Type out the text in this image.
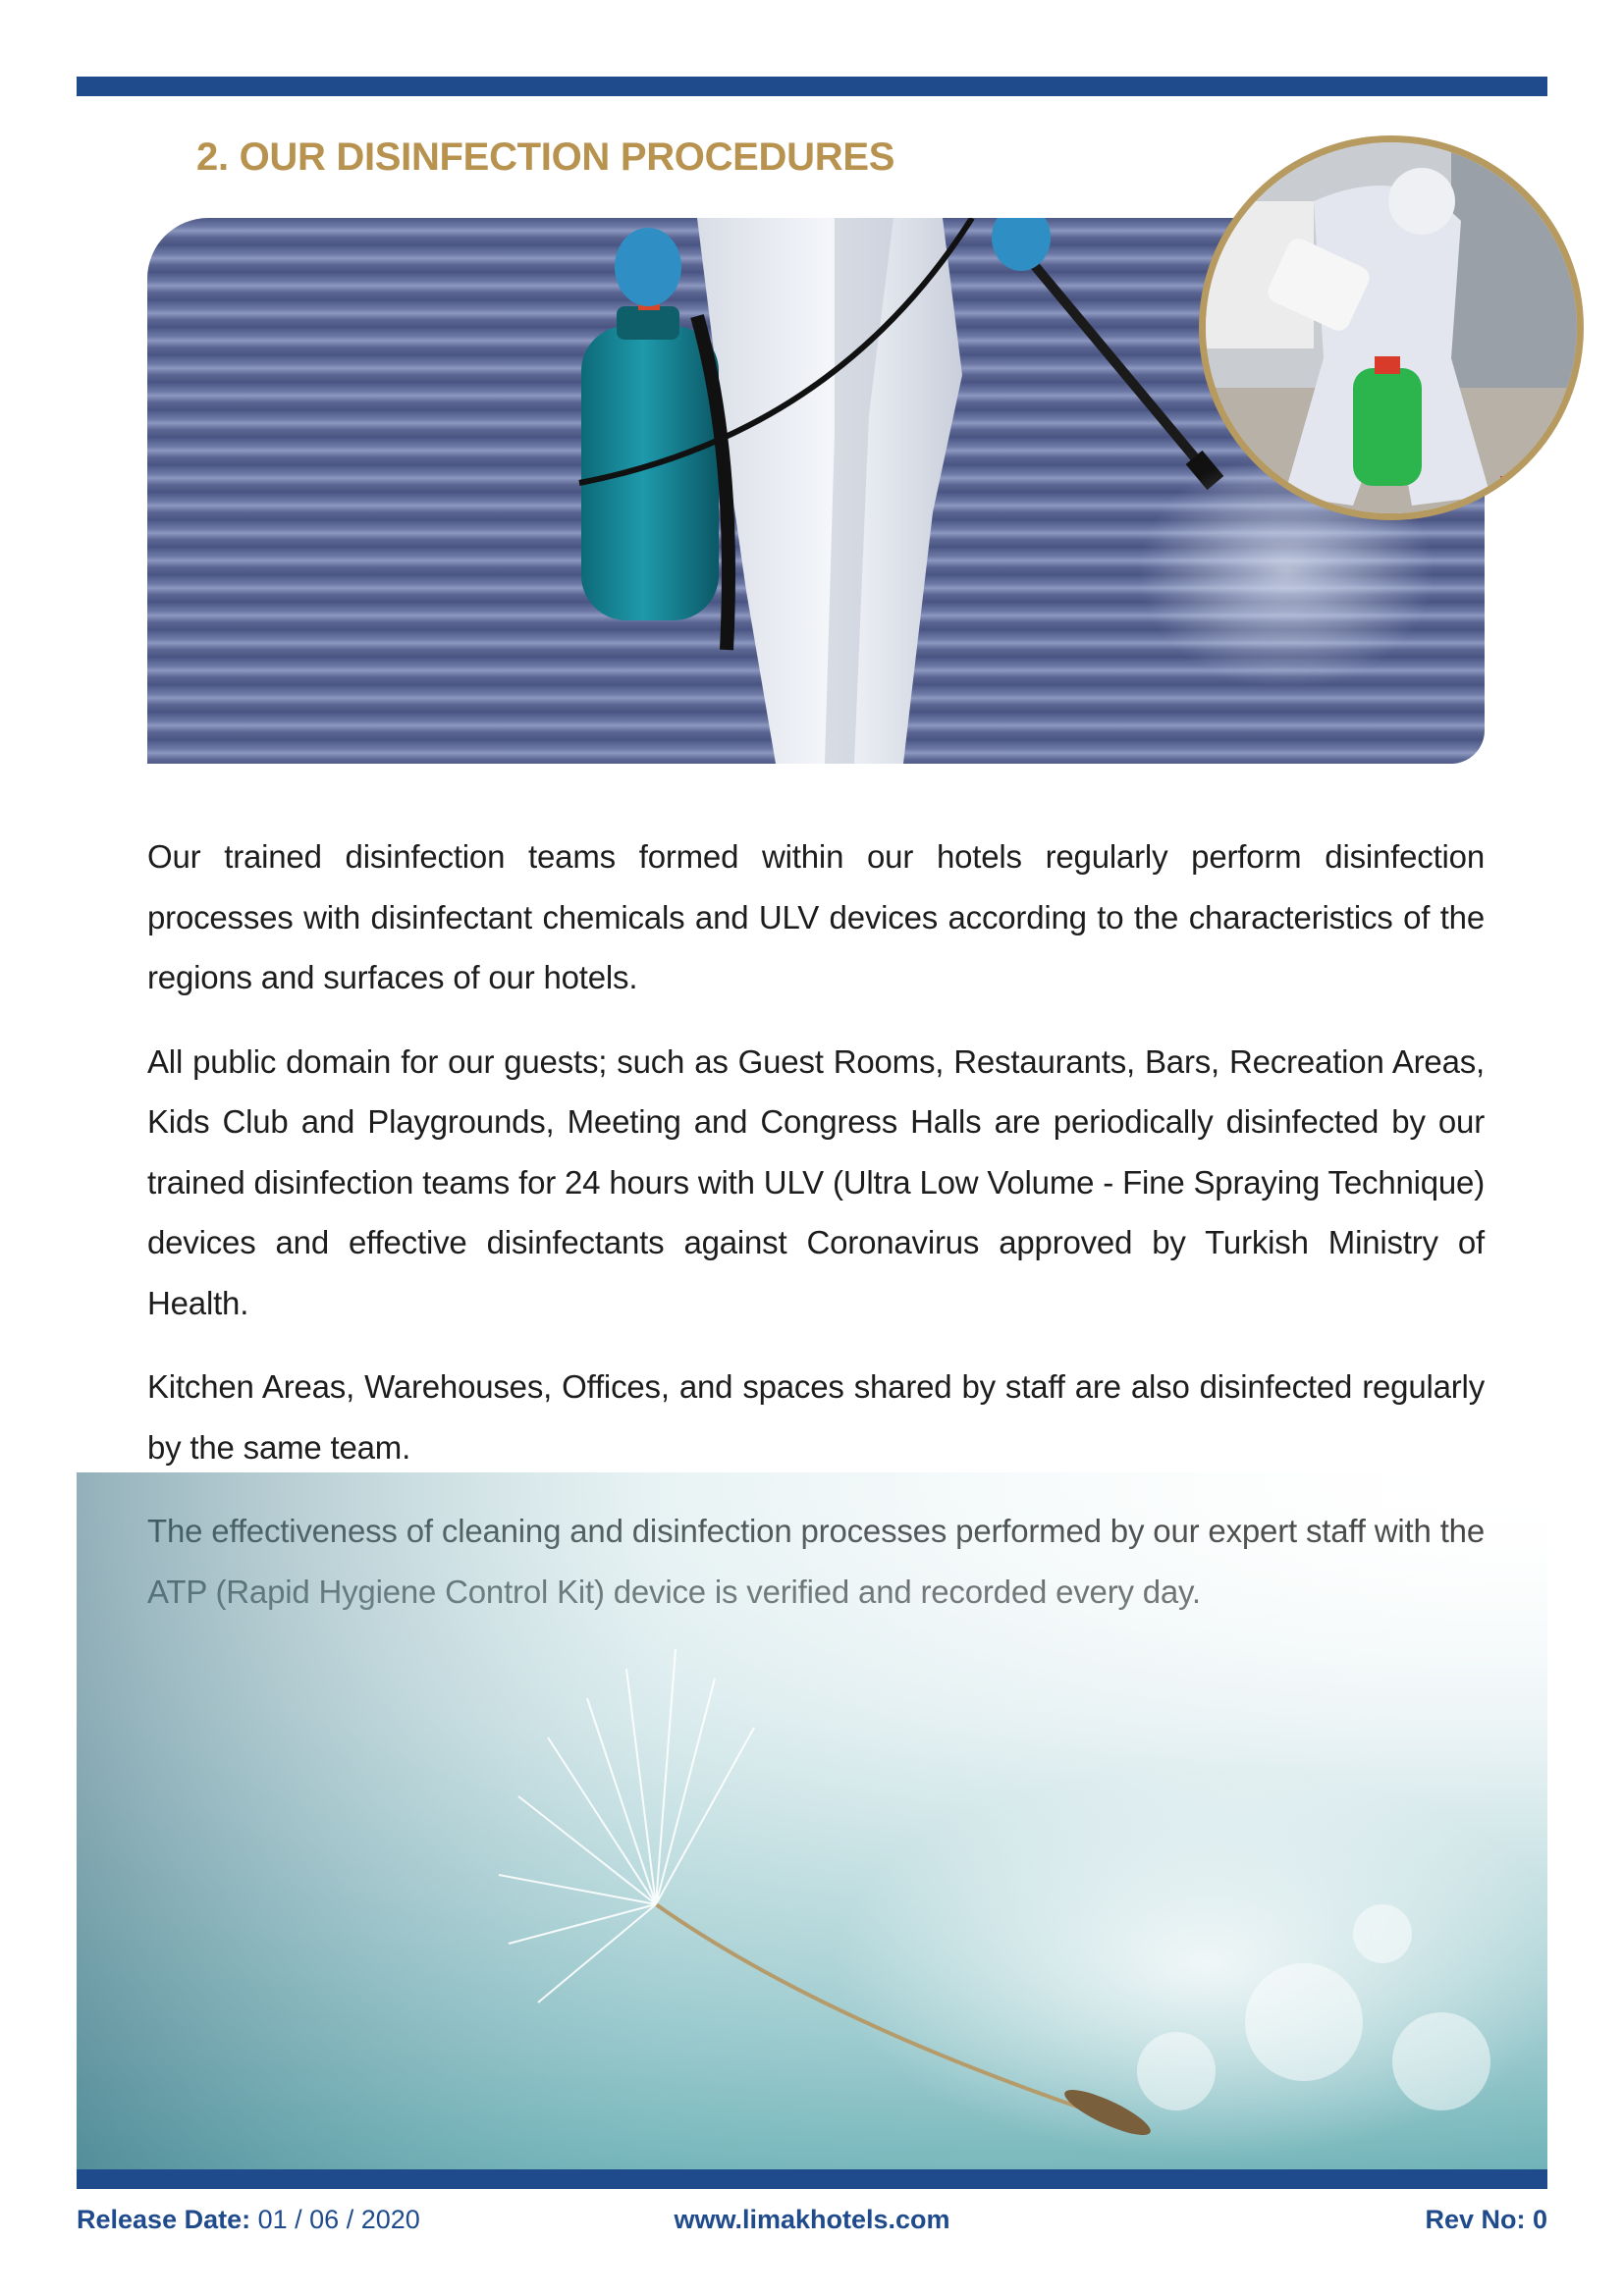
2. OUR DISINFECTION PROCEDURES

Our trained disinfection teams formed within our hotels regularly perform disinfection processes with disinfectant chemicals and ULV devices according to the characteristics of the regions and surfaces of our hotels.

All public domain for our guests; such as Guest Rooms, Restaurants, Bars, Recreation Areas, Kids Club and Playgrounds, Meeting and Congress Halls are periodically disinfected by our trained disinfection teams for 24 hours with ULV (Ultra Low Volume - Fine Spraying Technique) devices and effective disinfectants against Coronavirus approved by Turkish Ministry of Health.

Kitchen Areas, Warehouses, Offices, and spaces shared by staff are also disinfected regularly by the same team.

Release Date: 01 / 06 / 2020	www.limakhotels.com	Rev No: 0
